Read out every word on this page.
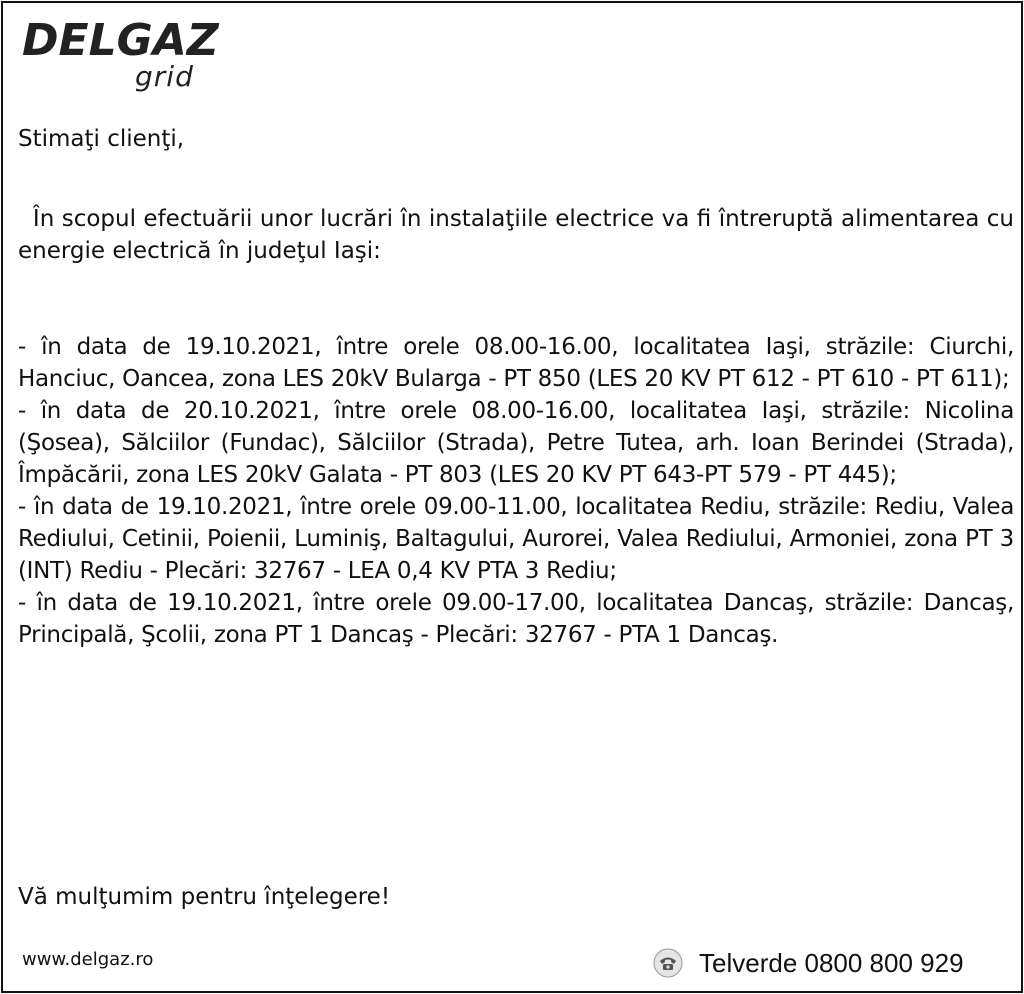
DELGAZ
grid

Stimaţi clienţi,

În scopul efectuării unor lucrări în instalaţiile electrice va fi întreruptă alimentarea cu energie electrică în judeţul Iaşi:

- în data de 19.10.2021, între orele 08.00-16.00, localitatea Iaşi, străzile: Ciurchi, Hanciuc, Oancea, zona LES 20kV Bularga - PT 850 (LES 20 KV PT 612 - PT 610 - PT 611);

- în data de 20.10.2021, între orele 08.00-16.00, localitatea Iaşi, străzile: Nicolina (Şosea), Sălciilor (Fundac), Sălciilor (Strada), Petre Tutea, arh. Ioan Berindei (Strada), Împăcării, zona LES 20kV Galata - PT 803 (LES 20 KV PT 643-PT 579 - PT 445);

- în data de 19.10.2021, între orele 09.00-11.00, localitatea Rediu, străzile: Rediu, Valea Rediului, Cetinii, Poienii, Luminiş, Baltagului, Aurorei, Valea Rediului, Armoniei, zona PT 3 (INT) Rediu - Plecări: 32767 - LEA 0,4 KV PTA 3 Rediu;

- în data de 19.10.2021, între orele 09.00-17.00, localitatea Dancaş, străzile: Dancaş, Principală, Şcolii, zona PT 1 Dancaş - Plecări: 32767 - PTA 1 Dancaş.

Vă mulţumim pentru înţelegere!

www.delgaz.ro	Telverde 0800 800 929
